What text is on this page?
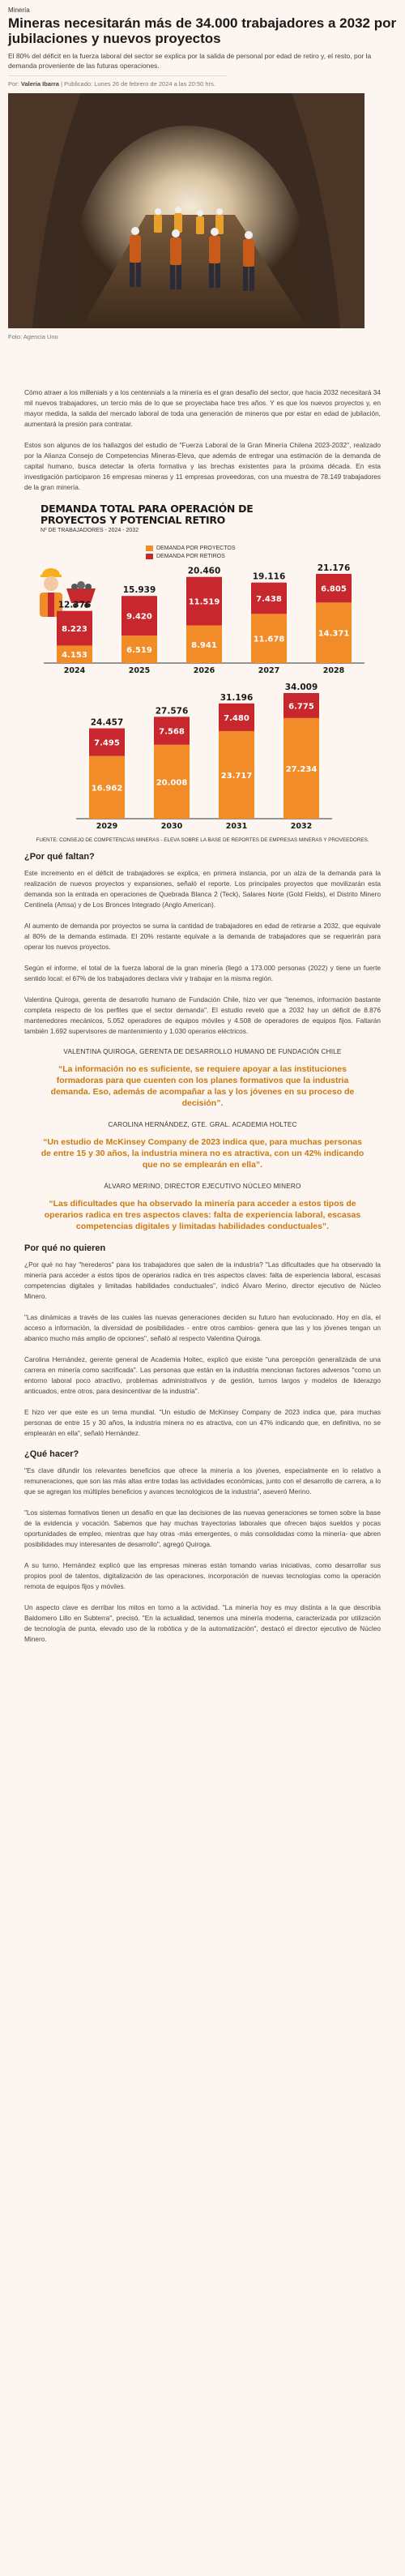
Minería
Mineras necesitarán más de 34.000 trabajadores a 2032 por jubilaciones y nuevos proyectos

El 80% del déficit en la fuerza laboral del sector se explica por la salida de personal por edad de retiro y, el resto, por la demanda proveniente de las futuras operaciones.

Por: Valeria Ibarra | Publicado: Lunes 26 de febrero de 2024 a las 20:50 hrs.
Foto: Agencia Uno

Cómo atraer a los millenials y a los centennials a la minería es el gran desafío del sector, que hacia 2032 necesitará 34 mil nuevos trabajadores, un tercio más de lo que se proyectaba hace tres años. Y es que los nuevos proyectos y, en mayor medida, la salida del mercado laboral de toda una generación de mineros que por estar en edad de jubilación, aumentará la presión para contratar.

Estos son algunos de los hallazgos del estudio de "Fuerza Laboral de la Gran Minería Chilena 2023-2032", realizado por la Alianza Consejo de Competencias Mineras-Eleva, que además de entregar una estimación de la demanda de capital humano, busca detectar la oferta formativa y las brechas existentes para la próxima década. En esta investigación participaron 16 empresas mineras y 11 empresas proveedoras, con una muestra de 78.149 trabajadores de la gran minería.

DEMANDA TOTAL PARA OPERACIÓN DE PROYECTOS Y POTENCIAL RETIRO
Nº DE TRABAJADORES - 2024 - 2032
DEMANDA POR PROYECTOS
DEMANDA POR RETIROS
4.153
8.223
12.376
2024
6.519
9.420
15.939
2025
8.941
11.519
20.460
2026
11.678
7.438
19.116
2027
14.371
6.805
21.176
2028
16.962
7.495
24.457
2029
20.008
7.568
27.576
2030
23.717
7.480
31.196
2031
27.234
6.775
34.009
2032
FUENTE: CONSEJO DE COMPETENCIAS MINERAS - ELEVA SOBRE LA BASE DE REPORTES DE EMPRESAS MINERAS Y PROVEEDORES.
¿Por qué faltan?

Este incremento en el déficit de trabajadores se explica, en primera instancia, por un alza de la demanda para la realización de nuevos proyectos y expansiones, señaló el reporte. Los principales proyectos que movilizarán esta demanda son la entrada en operaciones de Quebrada Blanca 2 (Teck), Salares Norte (Gold Fields), el Distrito Minero Centinela (Amsa) y de Los Bronces Integrado (Anglo American).

Al aumento de demanda por proyectos se suma la cantidad de trabajadores en edad de retirarse a 2032, que equivale al 80% de la demanda estimada. El 20% restante equivale a la demanda de trabajadores que se requerirán para operar los nuevos proyectos.

Según el informe, el total de la fuerza laboral de la gran minería (llegó a 173.000 personas (2022) y tiene un fuerte sentido local: el 67% de los trabajadores declara vivir y trabajar en la misma región.

Valentina Quiroga, gerenta de desarrollo humano de Fundación Chile, hizo ver que "tenemos, información bastante completa respecto de los perfiles que el sector demanda". El estudio reveló que a 2032 hay un déficit de 8.876 mantenedores mecánicos, 5.052 operadores de equipos móviles y 4.508 de operadores de equipos fijos. Faltarán también 1.692 supervisores de mantenimiento y 1.030 operarios eléctricos.

VALENTINA QUIROGA, GERENTA DE DESARROLLO HUMANO DE FUNDACIÓN CHILE
“La información no es suficiente, se requiere apoyar a las instituciones formadoras para que cuenten con los planes formativos que la industria demanda. Eso, además de acompañar a las y los jóvenes en su proceso de decisión”.
CAROLINA HERNÁNDEZ, GTE. GRAL. ACADEMIA HOLTEC
“Un estudio de McKinsey Company de 2023 indica que, para muchas personas de entre 15 y 30 años, la industria minera no es atractiva, con un 42% indicando que no se emplearán en ella”.
ÁLVARO MERINO, DIRECTOR EJECUTIVO NÚCLEO MINERO
“Las dificultades que ha observado la minería para acceder a estos tipos de operarios radica en tres aspectos claves: falta de experiencia laboral, escasas competencias digitales y limitadas habilidades conductuales”.
Por qué no quieren

¿Por qué no hay "herederos" para los trabajadores que salen de la industria? "Las dificultades que ha observado la minería para acceder a estos tipos de operarios radica en tres aspectos claves: falta de experiencia laboral, escasas competencias digitales y limitadas habilidades conductuales", indicó Álvaro Merino, director ejecutivo de Núcleo Minero.

"Las dinámicas a través de las cuales las nuevas generaciones deciden su futuro han evolucionado. Hoy en día, el acceso a información, la diversidad de posibilidades - entre otros cambios- genera que las y los jóvenes tengan un abanico mucho más amplio de opciones", señaló al respecto Valentina Quiroga.

Carolina Hernández, gerente general de Academia Holtec, explicó que existe "una percepción generalizada de una carrera en minería como sacrificada". Las personas que están en la industria mencionan factores adversos "como un entorno laboral poco atractivo, problemas administrativos y de gestión, turnos largos y modelos de liderazgo anticuados, entre otros, para desincentivar de la industria".

E hizo ver que este es un tema mundial. "Un estudio de McKinsey Company de 2023 indica que, para muchas personas de entre 15 y 30 años, la industria minera no es atractiva, con un 47% indicando que, en definitiva, no se emplearán en ella", señaló Hernández.

¿Qué hacer?

"Es clave difundir los relevantes beneficios que ofrece la minería a los jóvenes, especialmente en lo relativo a remuneraciones, que son las más altas entre todas las actividades económicas, junto con el desarrollo de carrera, a lo que se agregan los múltiples beneficios y avances tecnológicos de la industria", aseveró Merino.

"Los sistemas formativos tienen un desafío en que las decisiones de las nuevas generaciones se tomen sobre la base de la evidencia y vocación. Sabemos que hay muchas trayectorias laborales que ofrecen bajos sueldos y pocas oportunidades de empleo, mientras que hay otras -más emergentes, o más consolidadas como la minería- que abren posibilidades muy interesantes de desarrollo", agregó Quiroga.

A su turno, Hernández explicó que las empresas mineras están tomando varias iniciativas, como desarrollar sus propios pool de talentos, digitalización de las operaciones, incorporación de nuevas tecnologías como la operación remota de equipos fijos y móviles.

Un aspecto clave es derribar los mitos en torno a la actividad. "La minería hoy es muy distinta a la que describía Baldomero Lillo en Subterra", precisó. "En la actualidad, tenemos una minería moderna, caracterizada por utilización de tecnología de punta, elevado uso de la robótica y de la automatización", destacó el director ejecutivo de Núcleo Minero.
